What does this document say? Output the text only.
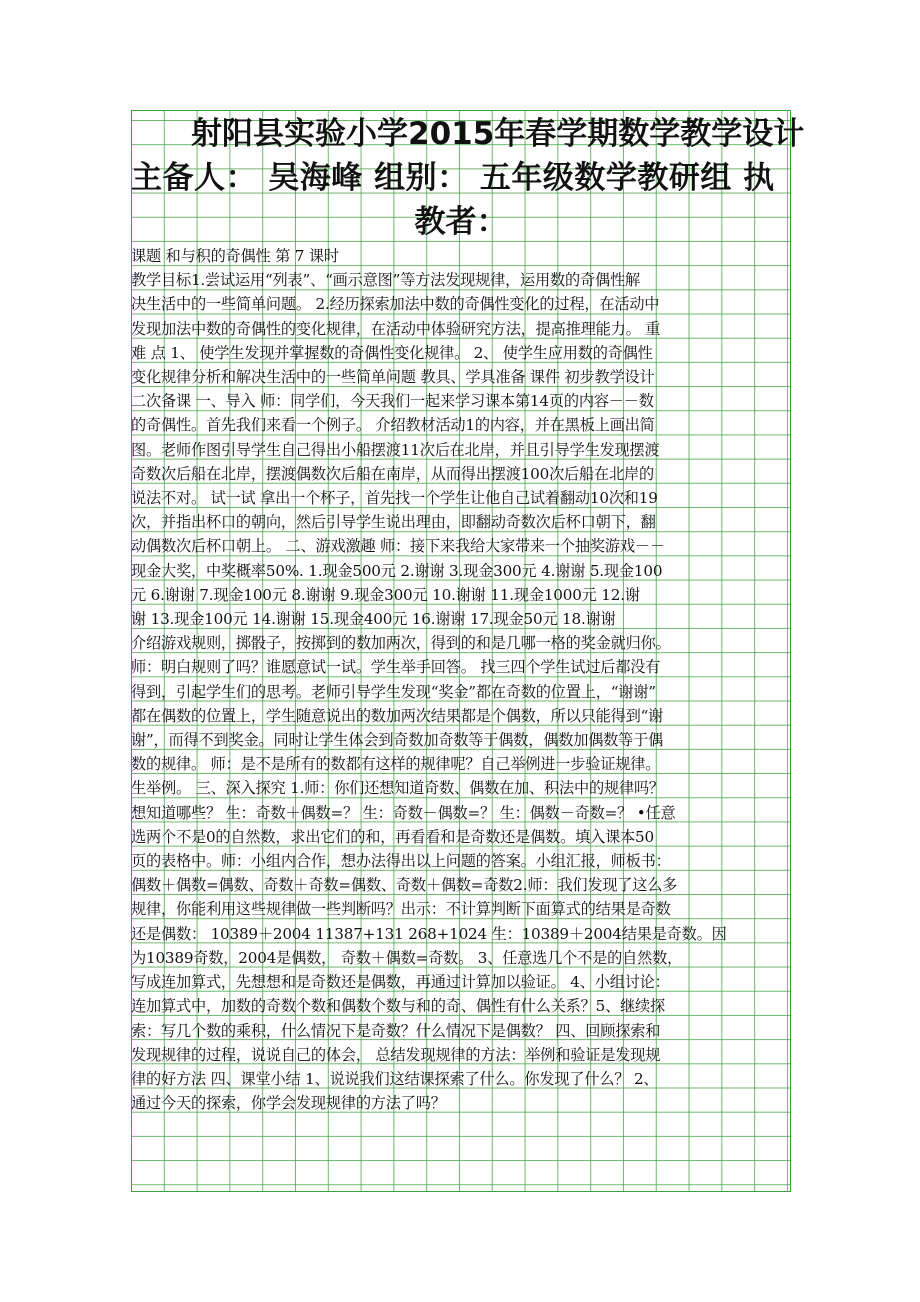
射阳县实验小学2015年春学期数学教学设计
主备人： 吴海峰 组别： 五年级数学教研组 执
教者：
课题 和与积的奇偶性 第 7 课时
教学目标1.尝试运用“列表”、“画示意图”等方法发现规律，运用数的奇偶性解
决生活中的一些简单问题。 2.经历探索加法中数的奇偶性变化的过程，在活动中
发现加法中数的奇偶性的变化规律，在活动中体验研究方法，提高推理能力。 重
难 点 1、 使学生发现并掌握数的奇偶性变化规律。 2、 使学生应用数的奇偶性
变化规律分析和解决生活中的一些简单问题 教具、学具准备 课件 初步教学设计
二次备课 一、导入 师：同学们，今天我们一起来学习课本第14页的内容－－数
的奇偶性。首先我们来看一个例子。 介绍教材活动1的内容，并在黑板上画出简
图。老师作图引导学生自己得出小船摆渡11次后在北岸，并且引导学生发现摆渡
奇数次后船在北岸，摆渡偶数次后船在南岸，从而得出摆渡100次后船在北岸的
说法不对。 试一试 拿出一个杯子，首先找一个学生让他自己试着翻动10次和19
次，并指出杯口的朝向，然后引导学生说出理由，即翻动奇数次后杯口朝下，翻
动偶数次后杯口朝上。 二、游戏激趣 师：接下来我给大家带来一个抽奖游戏－－
现金大奖，中奖概率50%. 1.现金500元 2.谢谢 3.现金300元 4.谢谢 5.现金100
元 6.谢谢 7.现金100元 8.谢谢 9.现金300元 10.谢谢 11.现金1000元 12.谢
谢 13.现金100元 14.谢谢 15.现金400元 16.谢谢 17.现金50元 18.谢谢
介绍游戏规则，掷骰子，按掷到的数加两次，得到的和是几哪一格的奖金就归你。
师：明白规则了吗？谁愿意试一试。学生举手回答。 找三四个学生试过后都没有
得到，引起学生们的思考。老师引导学生发现“奖金”都在奇数的位置上，“谢谢”
都在偶数的位置上，学生随意说出的数加两次结果都是个偶数，所以只能得到“谢
谢”，而得不到奖金。同时让学生体会到奇数加奇数等于偶数，偶数加偶数等于偶
数的规律。 师：是不是所有的数都有这样的规律呢？自己举例进一步验证规律。
生举例。 三、深入探究 1.师：你们还想知道奇数、偶数在加、积法中的规律吗？
想知道哪些？ 生：奇数＋偶数=？ 生：奇数－偶数=？ 生：偶数－奇数=？ •任意
选两个不是0的自然数，求出它们的和，再看看和是奇数还是偶数。填入课本50
页的表格中。师：小组内合作，想办法得出以上问题的答案。小组汇报，师板书：
偶数＋偶数=偶数、奇数＋奇数=偶数、奇数＋偶数=奇数2.师：我们发现了这么多
规律，你能利用这些规律做一些判断吗？出示：不计算判断下面算式的结果是奇数
还是偶数： 10389＋2004 11387+131 268+1024 生：10389＋2004结果是奇数。因
为10389奇数，2004是偶数， 奇数＋偶数=奇数。 3、任意选几个不是的自然数，
写成连加算式，先想想和是奇数还是偶数，再通过计算加以验证。 4、小组讨论：
连加算式中，加数的奇数个数和偶数个数与和的奇、偶性有什么关系？5、继续探
索：写几个数的乘积，什么情况下是奇数？什么情况下是偶数？ 四、回顾探索和
发现规律的过程，说说自己的体会， 总结发现规律的方法：举例和验证是发现规
律的好方法 四、课堂小结 1、说说我们这结课探索了什么。你发现了什么？ 2、
通过今天的探索，你学会发现规律的方法了吗？
